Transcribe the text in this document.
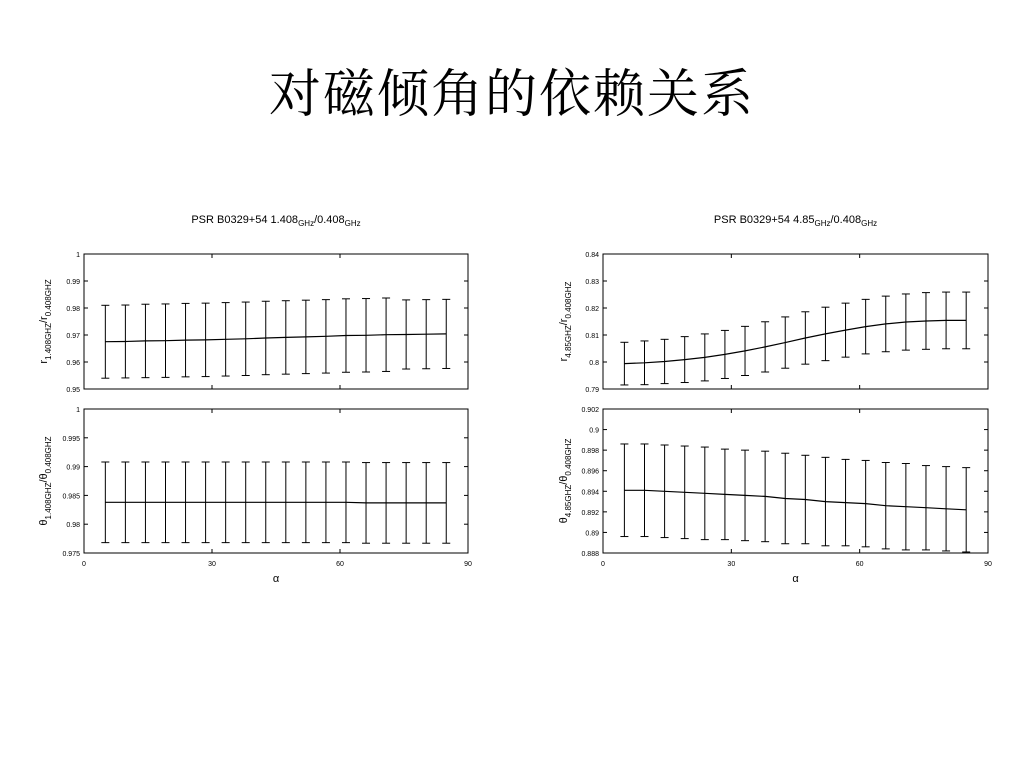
对磁倾角的依赖关系
PSR B0329+54 $1.408_{GHz}/0.408_{GHz}$
0.95
0.96
0.97
0.98
0.99
1
$r_{1.408GHZ}/r_{0.408GHZ}$
0.975
0.98
0.985
0.99
0.995
1
$\theta_{1.408GHZ}/\theta_{0.408GHZ}$
0	30	60	90
α
PSR B0329+54 $4.85_{GHz}/0.408_{GHz}$
0.79
0.8
0.81
0.82
0.83
0.84
$r_{4.85GHZ}/r_{0.408GHZ}$
0.888
0.89
0.892
0.894
0.896
0.898
0.9
0.902
$\theta_{4.85GHZ}/\theta_{0.408GHZ}$
0	30	60	90
α
